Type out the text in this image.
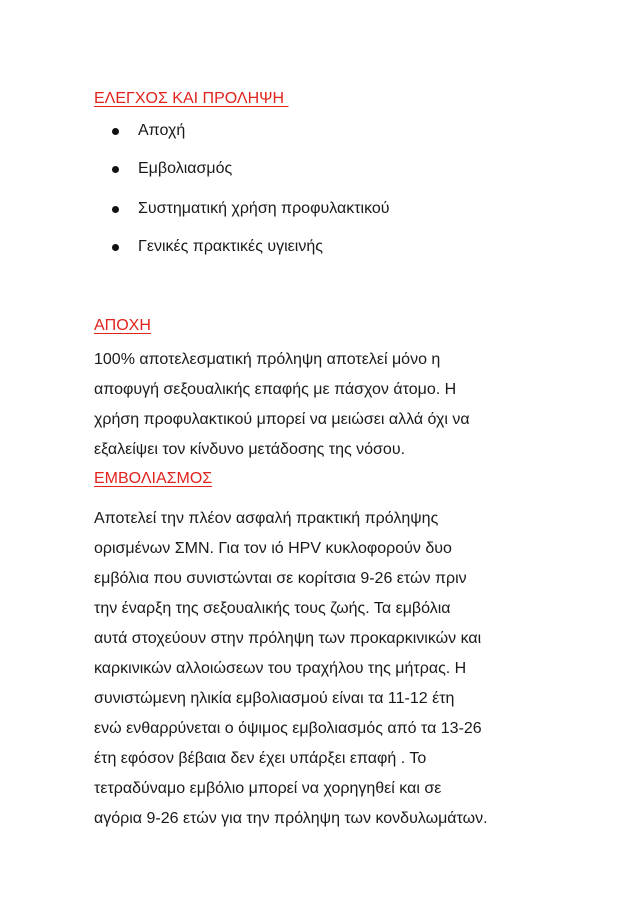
ΕΛΕΓΧΟΣ ΚΑΙ ΠΡΟΛΗΨΗ
Αποχή
Εμβολιασμός
Συστηματική χρήση προφυλακτικού
Γενικές πρακτικές υγιεινής
ΑΠΟΧΗ
100% αποτελεσματική πρόληψη αποτελεί μόνο η
αποφυγή σεξουαλικής επαφής με πάσχον άτομο. Η
χρήση προφυλακτικού μπορεί να μειώσει αλλά όχι να
εξαλείψει τον κίνδυνο μετάδοσης της νόσου.
ΕΜΒΟΛΙΑΣΜΟΣ
Αποτελεί την πλέον ασφαλή πρακτική πρόληψης
ορισμένων ΣΜΝ. Για τον ιό HPV κυκλοφορούν δυο
εμβόλια που συνιστώνται σε κορίτσια 9-26 ετών πριν
την έναρξη της σεξουαλικής τους ζωής. Τα εμβόλια
αυτά στοχεύουν στην πρόληψη των προκαρκινικών και
καρκινικών αλλοιώσεων του τραχήλου της μήτρας. Η
συνιστώμενη ηλικία εμβολιασμού είναι τα 11-12 έτη
ενώ ενθαρρύνεται ο όψιμος εμβολιασμός από τα 13-26
έτη εφόσον βέβαια δεν έχει υπάρξει επαφή . Το
τετραδύναμο εμβόλιο μπορεί να χορηγηθεί και σε
αγόρια 9-26 ετών για την πρόληψη των κονδυλωμάτων.
